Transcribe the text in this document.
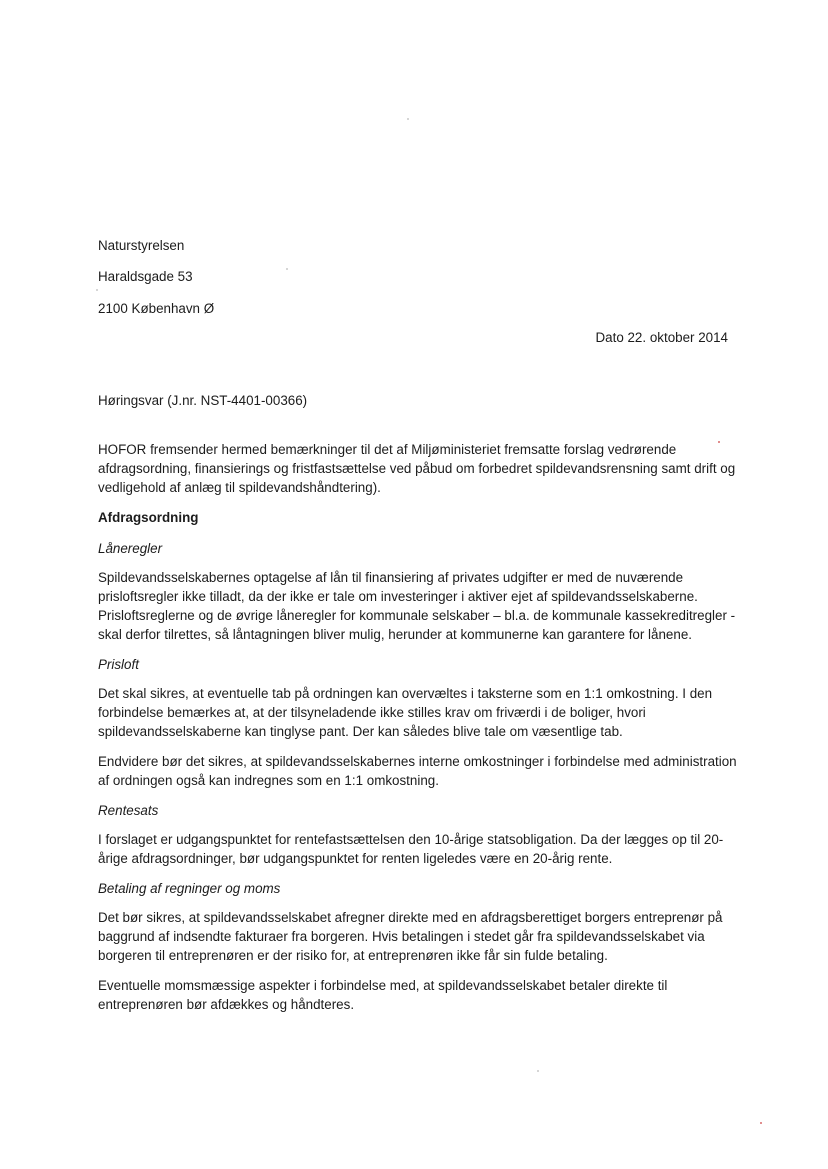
Naturstyrelsen

Haraldsgade 53

2100 København Ø

Dato 22. oktober 2014

Høringsvar (J.nr. NST-4401-00366)

HOFOR fremsender hermed bemærkninger til det af Miljøministeriet fremsatte forslag vedrørende afdragsordning, finansierings og fristfastsættelse ved påbud om forbedret spildevandsrensning samt drift og vedligehold af anlæg til spildevandshåndtering).

Afdragsordning

Låneregler

Spildevandsselskabernes optagelse af lån til finansiering af privates udgifter er med de nuværende prisloftsregler ikke tilladt, da der ikke er tale om investeringer i aktiver ejet af spildevandsselskaberne. Prisloftsreglerne og de øvrige låneregler for kommunale selskaber – bl.a. de kommunale kassekreditregler - skal derfor tilrettes, så låntagningen bliver mulig, herunder at kommunerne kan garantere for lånene.

Prisloft

Det skal sikres, at eventuelle tab på ordningen kan overvæltes i taksterne som en 1:1 omkostning. I den forbindelse bemærkes at, at der tilsyneladende ikke stilles krav om friværdi i de boliger, hvori spildevandsselskaberne kan tinglyse pant. Der kan således blive tale om væsentlige tab.

Endvidere bør det sikres, at spildevandsselskabernes interne omkostninger i forbindelse med administration af ordningen også kan indregnes som en 1:1 omkostning.

Rentesats

I forslaget er udgangspunktet for rentefastsættelsen den 10-årige statsobligation. Da der lægges op til 20-årige afdragsordninger, bør udgangspunktet for renten ligeledes være en 20-årig rente.

Betaling af regninger og moms

Det bør sikres, at spildevandsselskabet afregner direkte med en afdragsberettiget borgers entreprenør på baggrund af indsendte fakturaer fra borgeren. Hvis betalingen i stedet går fra spildevandsselskabet via borgeren til entreprenøren er der risiko for, at entreprenøren ikke får sin fulde betaling.

Eventuelle momsmæssige aspekter i forbindelse med, at spildevandsselskabet betaler direkte til entreprenøren bør afdækkes og håndteres.
